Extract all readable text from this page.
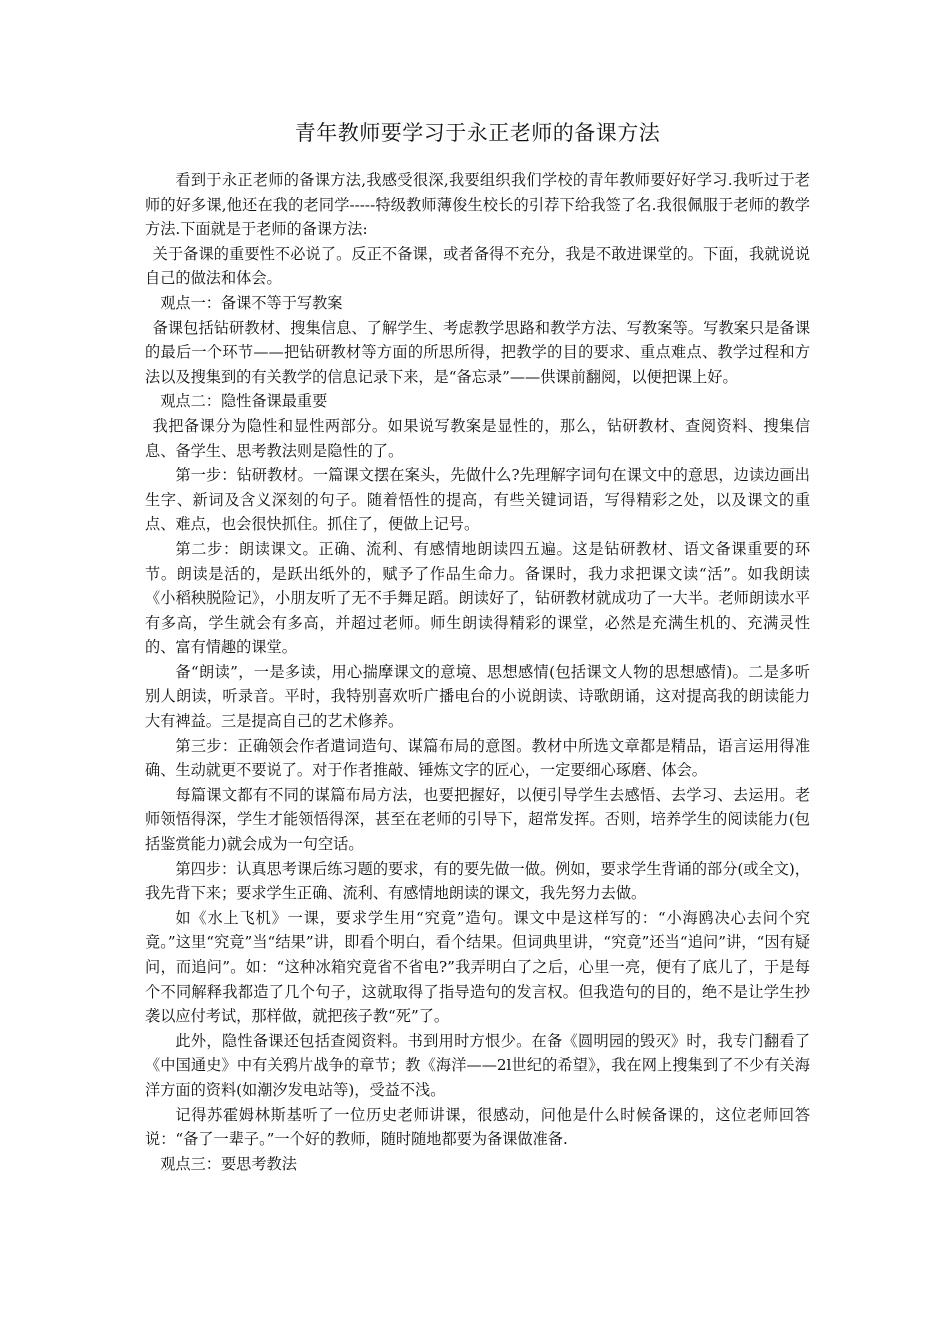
青年教师要学习于永正老师的备课方法

看到于永正老师的备课方法,我感受很深,我要组织我们学校的青年教师要好好学习.我听过于老师的好多课,他还在我的老同学-----特级教师薄俊生校长的引荐下给我签了名.我很佩服于老师的教学方法.下面就是于老师的备课方法:

关于备课的重要性不必说了。反正不备课，或者备得不充分，我是不敢进课堂的。下面，我就说说自己的做法和体会。

观点一：备课不等于写教案

备课包括钻研教材、搜集信息、了解学生、考虑教学思路和教学方法、写教案等。写教案只是备课的最后一个环节——把钻研教材等方面的所思所得，把教学的目的要求、重点难点、教学过程和方法以及搜集到的有关教学的信息记录下来，是“备忘录”——供课前翻阅，以便把课上好。

观点二：隐性备课最重要

我把备课分为隐性和显性两部分。如果说写教案是显性的，那么，钻研教材、查阅资料、搜集信息、备学生、思考教法则是隐性的了。

第一步：钻研教材。一篇课文摆在案头，先做什么?先理解字词句在课文中的意思，边读边画出生字、新词及含义深刻的句子。随着悟性的提高，有些关键词语，写得精彩之处，以及课文的重点、难点，也会很快抓住。抓住了，便做上记号。

第二步：朗读课文。正确、流利、有感情地朗读四五遍。这是钻研教材、语文备课重要的环节。朗读是活的，是跃出纸外的，赋予了作品生命力。备课时，我力求把课文读“活”。如我朗读《小稻秧脱险记》，小朋友听了无不手舞足蹈。朗读好了，钻研教材就成功了一大半。老师朗读水平有多高，学生就会有多高，并超过老师。师生朗读得精彩的课堂，必然是充满生机的、充满灵性的、富有情趣的课堂。

备“朗读”，一是多读，用心揣摩课文的意境、思想感情(包括课文人物的思想感情)。二是多听别人朗读，听录音。平时，我特别喜欢听广播电台的小说朗读、诗歌朗诵，这对提高我的朗读能力大有裨益。三是提高自己的艺术修养。

第三步：正确领会作者遣词造句、谋篇布局的意图。教材中所选文章都是精品，语言运用得准确、生动就更不要说了。对于作者推敲、锤炼文字的匠心，一定要细心琢磨、体会。

每篇课文都有不同的谋篇布局方法，也要把握好，以便引导学生去感悟、去学习、去运用。老师领悟得深，学生才能领悟得深，甚至在老师的引导下，超常发挥。否则，培养学生的阅读能力(包括鉴赏能力)就会成为一句空话。

第四步：认真思考课后练习题的要求，有的要先做一做。例如，要求学生背诵的部分(或全文)，我先背下来；要求学生正确、流利、有感情地朗读的课文，我先努力去做。

如《水上飞机》一课，要求学生用“究竟”造句。课文中是这样写的：“小海鸥决心去问个究竟。”这里“究竟”当“结果”讲，即看个明白，看个结果。但词典里讲，“究竟”还当“追问”讲，“因有疑问，而追问”。如：“这种冰箱究竟省不省电?”我弄明白了之后，心里一亮，便有了底儿了，于是每个不同解释我都造了几个句子，这就取得了指导造句的发言权。但我造句的目的，绝不是让学生抄袭以应付考试，那样做，就把孩子教“死”了。

此外，隐性备课还包括查阅资料。书到用时方恨少。在备《圆明园的毁灭》时，我专门翻看了《中国通史》中有关鸦片战争的章节；教《海洋——2l世纪的希望》，我在网上搜集到了不少有关海洋方面的资料(如潮汐发电站等)，受益不浅。

记得苏霍姆林斯基听了一位历史老师讲课，很感动，问他是什么时候备课的，这位老师回答说：“备了一辈子。”一个好的教师，随时随地都要为备课做准备.

观点三：要思考教法
